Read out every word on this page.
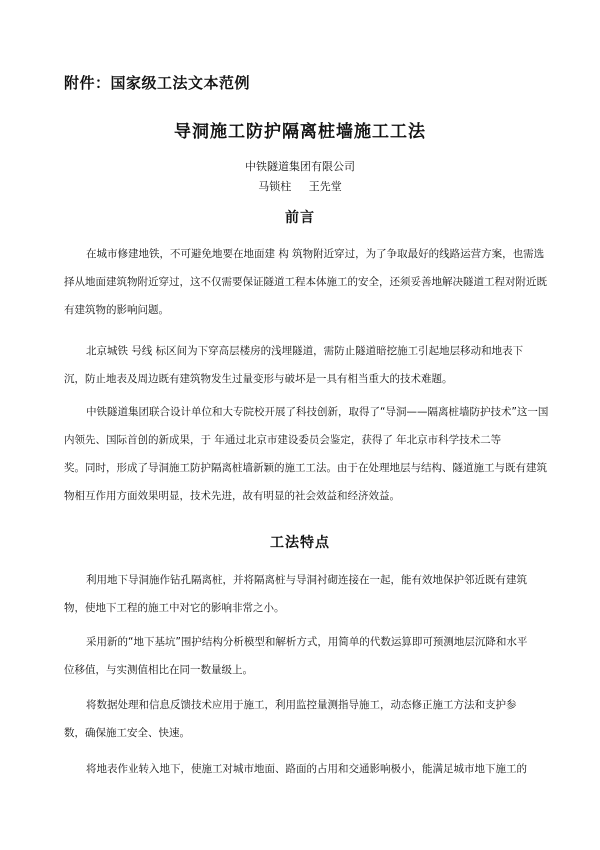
附件：国家级工法文本范例
导洞施工防护隔离桩墙施工工法
中铁隧道集团有限公司
马锁柱 王先堂
前言
在城市修建地铁，不可避免地要在地面建 构 筑物附近穿过，为了争取最好的线路运营方案，也需选
择从地面建筑物附近穿过，这不仅需要保证隧道工程本体施工的安全，还须妥善地解决隧道工程对附近既
有建筑物的影响问题。
北京城铁 号线 标区间为下穿高层楼房的浅埋隧道，需防止隧道暗挖施工引起地层移动和地表下
沉，防止地表及周边既有建筑物发生过量变形与破坏是一具有相当重大的技术难题。
中铁隧道集团联合设计单位和大专院校开展了科技创新，取得了“导洞——隔离桩墙防护技术”这一国
内领先、国际首创的新成果，于 年通过北京市建设委员会鉴定，获得了 年北京市科学技术二等
奖。同时，形成了导洞施工防护隔离桩墙新颖的施工工法。由于在处理地层与结构、隧道施工与既有建筑
物相互作用方面效果明显，技术先进，故有明显的社会效益和经济效益。
工法特点
利用地下导洞施作钻孔隔离桩，并将隔离桩与导洞衬砌连接在一起，能有效地保护邻近既有建筑
物，使地下工程的施工中对它的影响非常之小。
采用新的“地下基坑”围护结构分析模型和解析方式，用简单的代数运算即可预测地层沉降和水平
位移值，与实测值相比在同一数量级上。
将数据处理和信息反馈技术应用于施工，利用监控量测指导施工，动态修正施工方法和支护参
数，确保施工安全、快速。
将地表作业转入地下，使施工对城市地面、路面的占用和交通影响极小，能满足城市地下施工的
